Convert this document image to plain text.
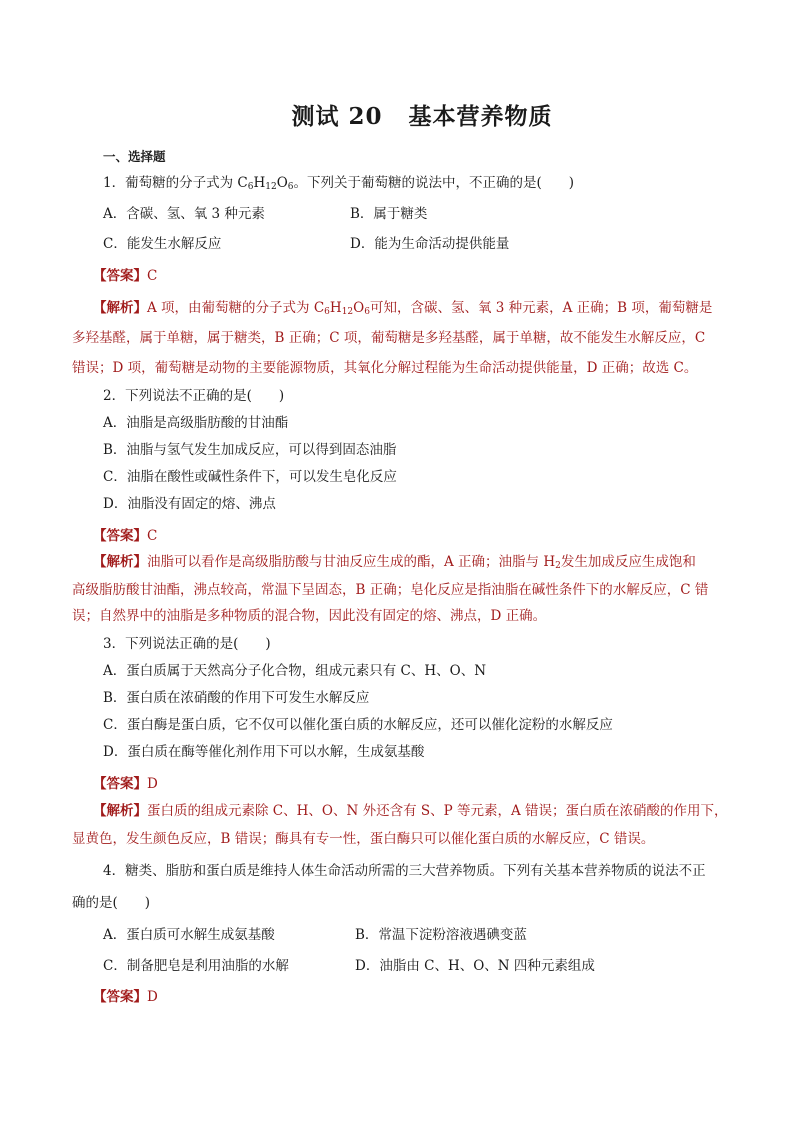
测试 20 基本营养物质
一、选择题
1．葡萄糖的分子式为 $C_6H_{12}O_6$。下列关于葡萄糖的说法中，不正确的是(　　)
A．含碳、氢、氧 3 种元素	B．属于糖类
C．能发生水解反应	D．能为生命活动提供能量
【答案】C
【解析】A 项，由葡萄糖的分子式为 $C_6H_{12}O_6$可知，含碳、氢、氧 3 种元素，A 正确；B 项，葡萄糖是
多羟基醛，属于单糖，属于糖类，B 正确；C 项，葡萄糖是多羟基醛，属于单糖，故不能发生水解反应，C
错误；D 项，葡萄糖是动物的主要能源物质，其氧化分解过程能为生命活动提供能量，D 正确；故选 C。
2．下列说法不正确的是(　　)
A．油脂是高级脂肪酸的甘油酯
B．油脂与氢气发生加成反应，可以得到固态油脂
C．油脂在酸性或碱性条件下，可以发生皂化反应
D．油脂没有固定的熔、沸点
【答案】C
【解析】油脂可以看作是高级脂肪酸与甘油反应生成的酯，A 正确；油脂与 $H_2$发生加成反应生成饱和
高级脂肪酸甘油酯，沸点较高，常温下呈固态，B 正确；皂化反应是指油脂在碱性条件下的水解反应，C 错
误；自然界中的油脂是多种物质的混合物，因此没有固定的熔、沸点，D 正确。
3．下列说法正确的是(　　)
A．蛋白质属于天然高分子化合物，组成元素只有 C、H、O、N
B．蛋白质在浓硝酸的作用下可发生水解反应
C．蛋白酶是蛋白质，它不仅可以催化蛋白质的水解反应，还可以催化淀粉的水解反应
D．蛋白质在酶等催化剂作用下可以水解，生成氨基酸
【答案】D
【解析】蛋白质的组成元素除 C、H、O、N 外还含有 S、P 等元素，A 错误；蛋白质在浓硝酸的作用下，
显黄色，发生颜色反应，B 错误；酶具有专一性，蛋白酶只可以催化蛋白质的水解反应，C 错误。
4．糖类、脂肪和蛋白质是维持人体生命活动所需的三大营养物质。下列有关基本营养物质的说法不正
确的是(　　)
A．蛋白质可水解生成氨基酸	B．常温下淀粉溶液遇碘变蓝
C．制备肥皂是利用油脂的水解	D．油脂由 C、H、O、N 四种元素组成
【答案】D
